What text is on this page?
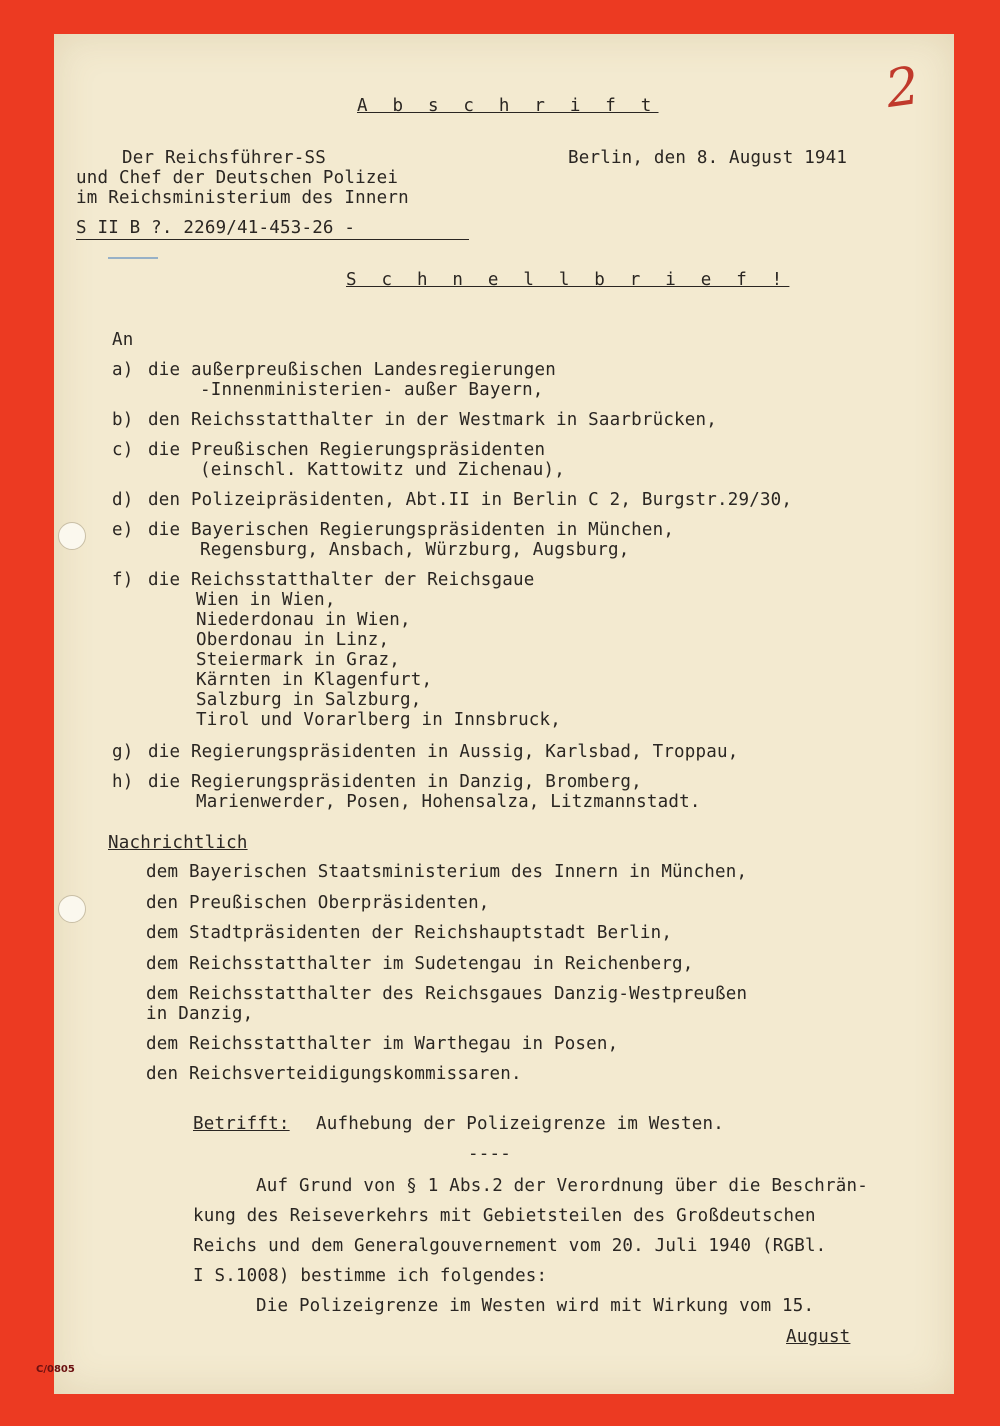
2
A b s c h r i f t
Der Reichsführer-SS
und Chef der Deutschen Polizei
im Reichsministerium des Innern
Berlin, den 8. August 1941
S II B ?. 2269/41-453-26 -
S c h n e l l b r i e f !
An
a) die außerpreußischen Landesregierungen
-Innenministerien- außer Bayern,
b) den Reichsstatthalter in der Westmark in Saarbrücken,
c) die Preußischen Regierungspräsidenten
(einschl. Kattowitz und Zichenau),
d) den Polizeipräsidenten, Abt.II in Berlin C 2, Burgstr.29/30,
e) die Bayerischen Regierungspräsidenten in München,
Regensburg, Ansbach, Würzburg, Augsburg,
f) die Reichsstatthalter der Reichsgaue
Wien in Wien,
Niederdonau in Wien,
Oberdonau in Linz,
Steiermark in Graz,
Kärnten in Klagenfurt,
Salzburg in Salzburg,
Tirol und Vorarlberg in Innsbruck,
g) die Regierungspräsidenten in Aussig, Karlsbad, Troppau,
h) die Regierungspräsidenten in Danzig, Bromberg,
Marienwerder, Posen, Hohensalza, Litzmannstadt.
Nachrichtlich
dem Bayerischen Staatsministerium des Innern in München,
den Preußischen Oberpräsidenten,
dem Stadtpräsidenten der Reichshauptstadt Berlin,
dem Reichsstatthalter im Sudetengau in Reichenberg,
dem Reichsstatthalter des Reichsgaues Danzig-Westpreußen
in Danzig,
dem Reichsstatthalter im Warthegau in Posen,
den Reichsverteidigungskommissaren.
Betrifft: Aufhebung der Polizeigrenze im Westen.
----
Auf Grund von § 1 Abs.2 der Verordnung über die Beschrän-
kung des Reiseverkehrs mit Gebietsteilen des Großdeutschen
Reichs und dem Generalgouvernement vom 20. Juli 1940 (RGBl.
I S.1008) bestimme ich folgendes:
Die Polizeigrenze im Westen wird mit Wirkung vom 15.
August
C/0805
